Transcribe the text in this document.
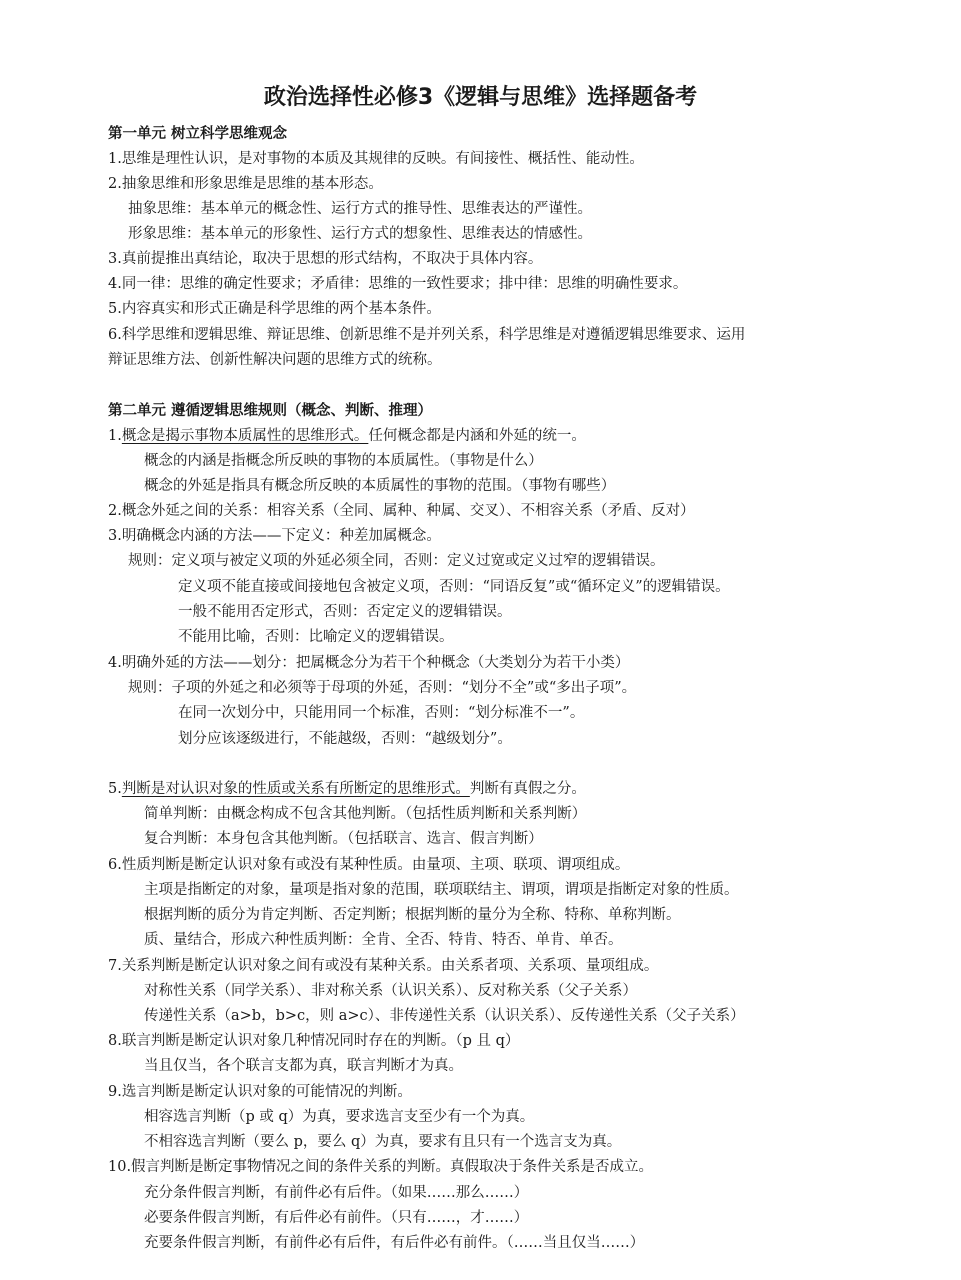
政治选择性必修3《逻辑与思维》选择题备考
第一单元 树立科学思维观念
1.思维是理性认识，是对事物的本质及其规律的反映。有间接性、概括性、能动性。
2.抽象思维和形象思维是思维的基本形态。
抽象思维：基本单元的概念性、运行方式的推导性、思维表达的严谨性。
形象思维：基本单元的形象性、运行方式的想象性、思维表达的情感性。
3.真前提推出真结论，取决于思想的形式结构，不取决于具体内容。
4.同一律：思维的确定性要求；矛盾律：思维的一致性要求；排中律：思维的明确性要求。
5.内容真实和形式正确是科学思维的两个基本条件。
6.科学思维和逻辑思维、辩证思维、创新思维不是并列关系，科学思维是对遵循逻辑思维要求、运用
辩证思维方法、创新性解决问题的思维方式的统称。
第二单元 遵循逻辑思维规则（概念、判断、推理）
1.概念是揭示事物本质属性的思维形式。任何概念都是内涵和外延的统一。
概念的内涵是指概念所反映的事物的本质属性。（事物是什么）
概念的外延是指具有概念所反映的本质属性的事物的范围。（事物有哪些）
2.概念外延之间的关系：相容关系（全同、属种、种属、交叉）、不相容关系（矛盾、反对）
3.明确概念内涵的方法——下定义：种差加属概念。
规则：定义项与被定义项的外延必须全同，否则：定义过宽或定义过窄的逻辑错误。
定义项不能直接或间接地包含被定义项，否则：“同语反复”或“循环定义”的逻辑错误。
一般不能用否定形式，否则：否定定义的逻辑错误。
不能用比喻，否则：比喻定义的逻辑错误。
4.明确外延的方法——划分：把属概念分为若干个种概念（大类划分为若干小类）
规则：子项的外延之和必须等于母项的外延，否则：“划分不全”或“多出子项”。
在同一次划分中，只能用同一个标准，否则：“划分标准不一”。
划分应该逐级进行，不能越级，否则：“越级划分”。
5.判断是对认识对象的性质或关系有所断定的思维形式。判断有真假之分。
简单判断：由概念构成不包含其他判断。（包括性质判断和关系判断）
复合判断：本身包含其他判断。（包括联言、选言、假言判断）
6.性质判断是断定认识对象有或没有某种性质。由量项、主项、联项、谓项组成。
主项是指断定的对象，量项是指对象的范围，联项联结主、谓项，谓项是指断定对象的性质。
根据判断的质分为肯定判断、否定判断；根据判断的量分为全称、特称、单称判断。
质、量结合，形成六种性质判断：全肯、全否、特肯、特否、单肯、单否。
7.关系判断是断定认识对象之间有或没有某种关系。由关系者项、关系项、量项组成。
对称性关系（同学关系）、非对称关系（认识关系）、反对称关系（父子关系）
传递性关系（a>b，b>c，则 a>c）、非传递性关系（认识关系）、反传递性关系（父子关系）
8.联言判断是断定认识对象几种情况同时存在的判断。（p 且 q）
当且仅当，各个联言支都为真，联言判断才为真。
9.选言判断是断定认识对象的可能情况的判断。
相容选言判断（p 或 q）为真，要求选言支至少有一个为真。
不相容选言判断（要么 p，要么 q）为真，要求有且只有一个选言支为真。
10.假言判断是断定事物情况之间的条件关系的判断。真假取决于条件关系是否成立。
充分条件假言判断，有前件必有后件。（如果……那么……）
必要条件假言判断，有后件必有前件。（只有……，才……）
充要条件假言判断，有前件必有后件，有后件必有前件。（……当且仅当……）
